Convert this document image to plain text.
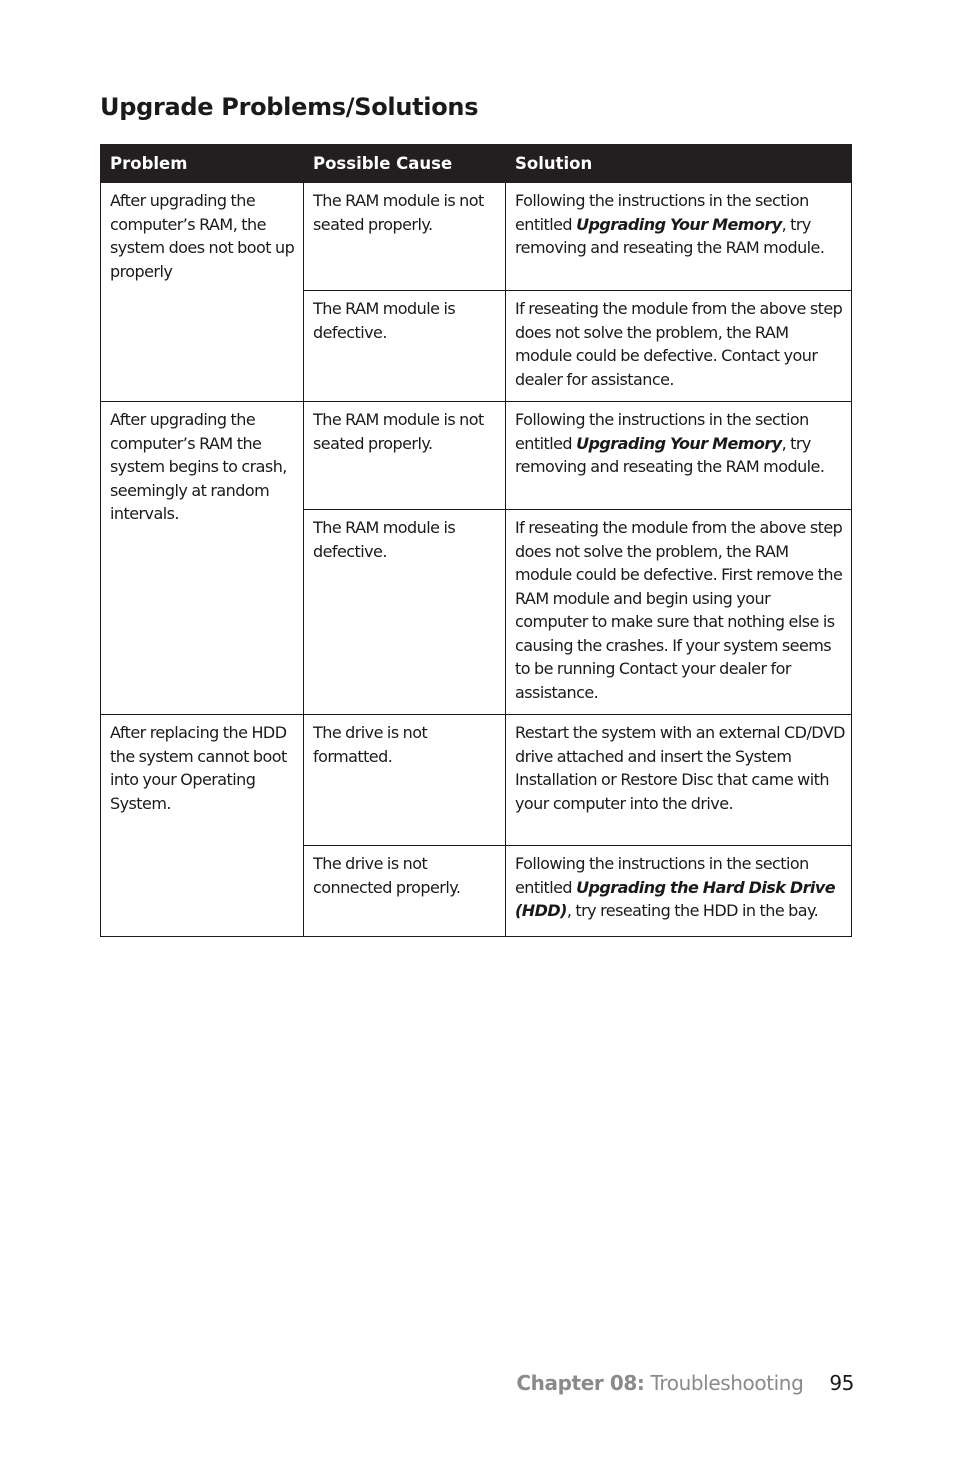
Upgrade Problems/Solutions
Problem	Possible Cause	Solution
After upgrading the computer’s RAM, the system does not boot up properly	The RAM module is not seated properly.	Following the instructions in the section entitled Upgrading Your Memory, try removing and reseating the RAM module.
	The RAM module is defective.	If reseating the module from the above step does not solve the problem, the RAM module could be defective. Contact your dealer for assistance.
After upgrading the computer’s RAM the system begins to crash, seemingly at random intervals.	The RAM module is not seated properly.	Following the instructions in the section entitled Upgrading Your Memory, try removing and reseating the RAM module.
	The RAM module is defective.	If reseating the module from the above step does not solve the problem, the RAM module could be defective. First remove the RAM module and begin using your computer to make sure that nothing else is causing the crashes. If your system seems to be running Contact your dealer for assistance.
After replacing the HDD the system cannot boot into your Operating System.	The drive is not formatted.	Restart the system with an external CD/DVD drive attached and insert the System Installation or Restore Disc that came with your computer into the drive.
	The drive is not connected properly.	Following the instructions in the section entitled Upgrading the Hard Disk Drive (HDD), try reseating the HDD in the bay.
Chapter 08: Troubleshooting 95
